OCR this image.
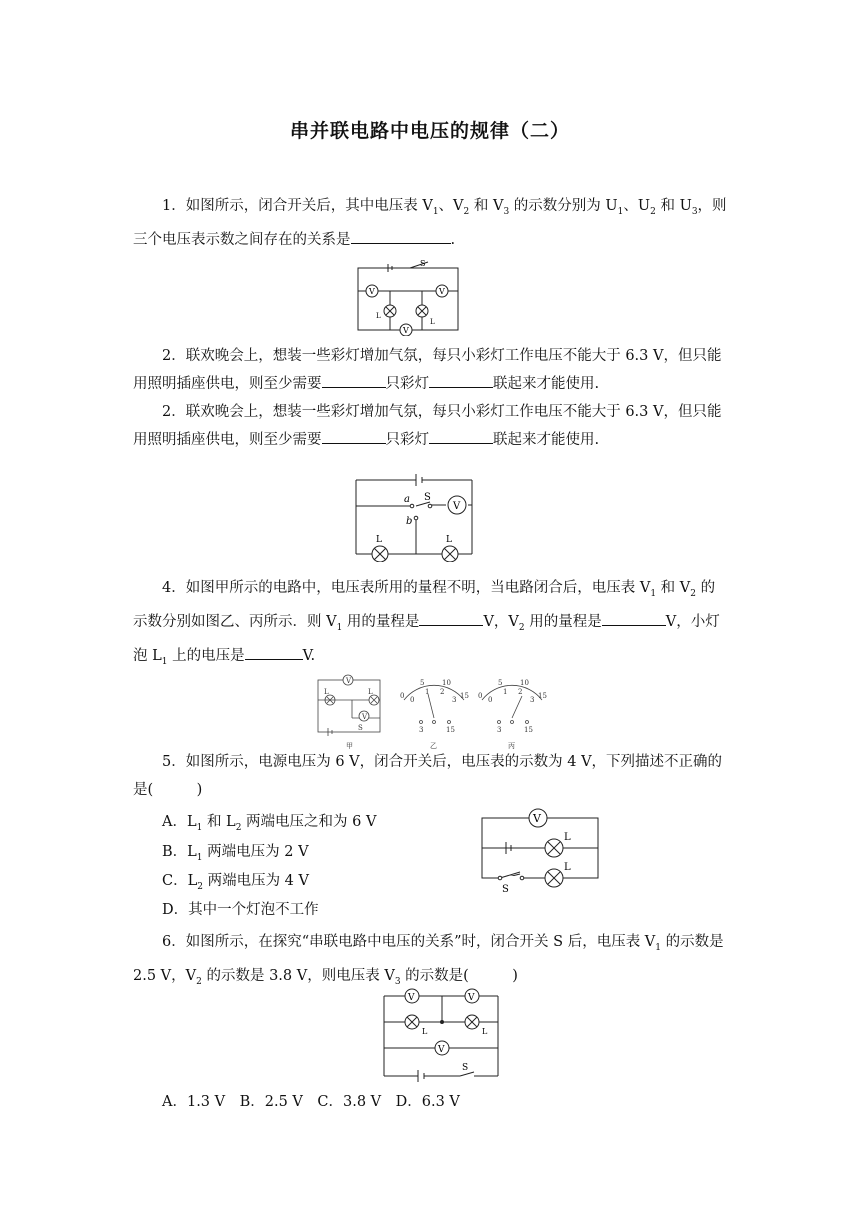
串并联电路中电压的规律（二）

1．如图所示，闭合开关后，其中电压表 $V_1$、$V_2$ 和 $V_3$ 的示数分别为 $U_1$、$U_2$ 和 $U_3$，则三个电压表示数之间存在的关系是	.

V	V
V
S
L
L

2．联欢晚会上，想装一些彩灯增加气氛，每只小彩灯工作电压不能大于 6.3 V，但只能用照明插座供电，则至少需要	只彩灯	联起来才能使用.

2．联欢晚会上，想装一些彩灯增加气氛，每只小彩灯工作电压不能大于 6.3 V，但只能用照明插座供电，则至少需要	只彩灯	联起来才能使用.

V
a
b
S
L	L

4．如图甲所示的电路中，电压表所用的量程不明，当电路闭合后，电压表 $V_1$ 和 $V_2$ 的示数分别如图乙、丙所示．则 $V_1$ 用的量程是	V，$V_2$ 用的量程是	V，小灯泡 $L_1$ 上的电压是	V.

V
V
L	L
S
甲
0
5	10
15
0
1 2
3
3	15
乙
0
5	10
15
0
1 2
3
3	15
丙

5．如图所示，电源电压为 6 V，闭合开关后，电压表的示数为 4 V，下列描述不正确的是(　　　)

A．$L_1$ 和 $L_2$ 两端电压之和为 6 V
B．$L_1$ 两端电压为 2 V
C．$L_2$ 两端电压为 4 V
D．其中一个灯泡不工作
V
L
L
S

6．如图所示，在探究“串联电路中电压的关系”时，闭合开关 S 后，电压表 $V_1$ 的示数是 2.5 V，$V_2$ 的示数是 3.8 V，则电压表 $V_3$ 的示数是(　　　)

V	V
V
L	L
S
A．1.3 V　B．2.5 V　C．3.8 V　D．6.3 V
